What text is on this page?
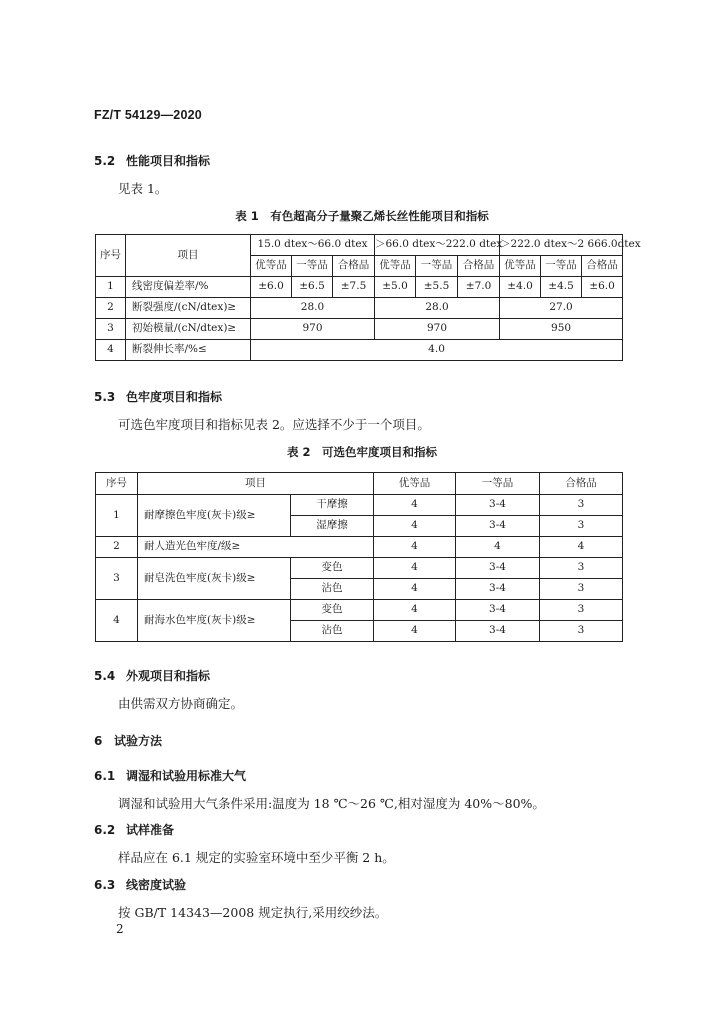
FZ/T 54129—2020
5.2 性能项目和指标
见表 1。
表 1　有色超高分子量聚乙烯长丝性能项目和指标
序号	项目	15.0 dtex～66.0 dtex			＞66.0 dtex～222.0 dtex			＞222.0 dtex～2 666.0dtex		
		优等品	一等品	合格品	优等品	一等品	合格品	优等品	一等品	合格品
1	线密度偏差率/%	±6.0	±6.5	±7.5	±5.0	±5.5	±7.0	±4.0	±4.5	±6.0
2	断裂强度/(cN/dtex)≥	28.0			28.0			27.0		
3	初始模量/(cN/dtex)≥	970			970			950		
4	断裂伸长率/%≤	4.0								
5.3 色牢度项目和指标
可选色牢度项目和指标见表 2。应选择不少于一个项目。
表 2　可选色牢度项目和指标
序号	项目		优等品	一等品	合格品
1	耐摩擦色牢度(灰卡)级≥	干摩擦	4	3-4	3
		湿摩擦	4	3-4	3
2	耐人造光色牢度/级≥		4	4	4
3	耐皂洗色牢度(灰卡)级≥	变色	4	3-4	3
		沾色	4	3-4	3
4	耐海水色牢度(灰卡)级≥	变色	4	3-4	3
		沾色	4	3-4	3
5.4 外观项目和指标
由供需双方协商确定。
6 试验方法
6.1 调湿和试验用标准大气
调湿和试验用大气条件采用:温度为 18 ℃～26 ℃,相对湿度为 40%～80%。
6.2 试样准备
样品应在 6.1 规定的实验室环境中至少平衡 2 h。
6.3 线密度试验
按 GB/T 14343—2008 规定执行,采用绞纱法。
2
